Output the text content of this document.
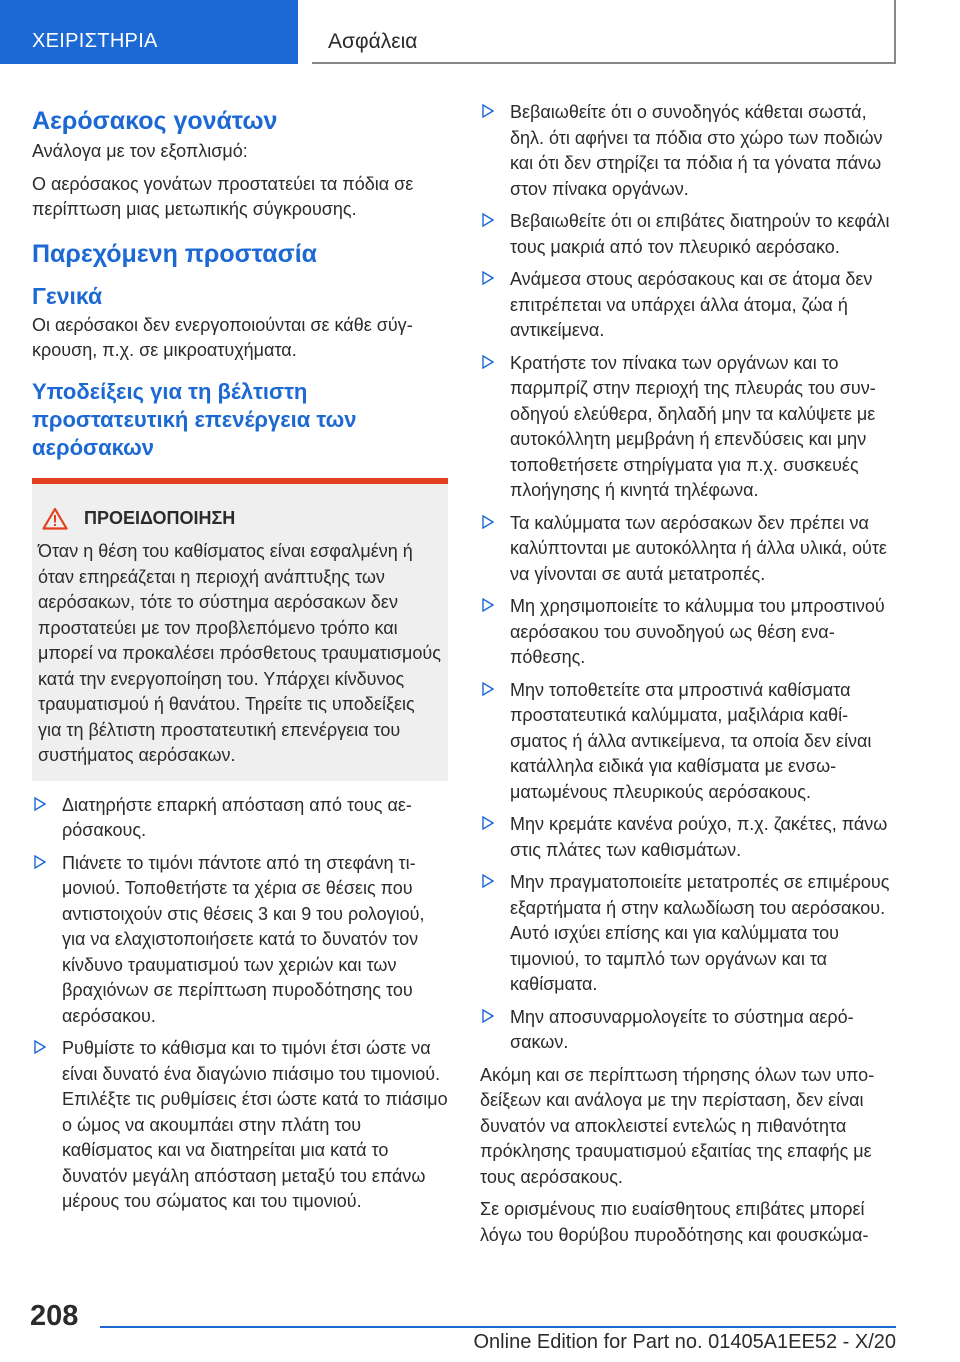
ΧΕΙΡΙΣΤΗΡΙΑ	Ασφάλεια
Αερόσακος γονάτων

Ανάλογα με τον εξοπλισμό:

Ο αερόσακος γονάτων προστατεύει τα πόδια σε περίπτωση μιας μετωπικής σύγκρουσης.

Παρεχόμενη προστασία
Γενικά

Οι αερόσακοι δεν ενεργοποιούνται σε κάθε σύγκρουση, π.χ. σε μικροατυχήματα.

Υποδείξεις για τη βέλτιστη προστατευτική επενέργεια των αερόσακων
ΠΡΟΕΙΔΟΠΟΙΗΣΗ
Όταν η θέση του καθίσματος είναι εσφαλμένη ή όταν επηρεάζεται η περιοχή ανάπτυξης των αερόσακων, τότε το σύστημα αερόσακων δεν προστατεύει με τον προβλεπόμενο τρόπο και μπορεί να προκαλέσει πρόσθετους τραυματισμούς κατά την ενεργοποίηση του. Υπάρχει κίνδυνος τραυματισμού ή θανάτου. Τηρείτε τις υποδείξεις για τη βέλτιστη προστατευτική επενέργεια του συστήματος αερόσακων.
Διατηρήστε επαρκή απόσταση από τους αερόσακους.
Πιάνετε το τιμόνι πάντοτε από τη στεφάνη τιμονιού. Τοποθετήστε τα χέρια σε θέσεις που αντιστοιχούν στις θέσεις 3 και 9 του ρολογιού, για να ελαχιστοποιήσετε κατά το δυνατόν τον κίνδυνο τραυματισμού των χεριών και των βραχιόνων σε περίπτωση πυροδότησης του αερόσακου.
Ρυθμίστε το κάθισμα και το τιμόνι έτσι ώστε να είναι δυνατό ένα διαγώνιο πιάσιμο του τιμονιού. Επιλέξτε τις ρυθμίσεις έτσι ώστε κατά το πιάσιμο ο ώμος να ακουμπάει στην πλάτη του καθίσματος και να διατηρείται μια κατά το δυνατόν μεγάλη απόσταση μεταξύ του επάνω μέρους του σώματος και του τιμονιού.
Βεβαιωθείτε ότι ο συνοδηγός κάθεται σωστά, δηλ. ότι αφήνει τα πόδια στο χώρο των ποδιών και ότι δεν στηρίζει τα πόδια ή τα γόνατα πάνω στον πίνακα οργάνων.
Βεβαιωθείτε ότι οι επιβάτες διατηρούν το κεφάλι τους μακριά από τον πλευρικό αερόσακο.
Ανάμεσα στους αερόσακους και σε άτομα δεν επιτρέπεται να υπάρχει άλλα άτομα, ζώα ή αντικείμενα.
Κρατήστε τον πίνακα των οργάνων και το παρμπρίζ στην περιοχή της πλευράς του συνοδηγού ελεύθερα, δηλαδή μην τα καλύψετε με αυτοκόλλητη μεμβράνη ή επενδύσεις και μην τοποθετήσετε στηρίγματα για π.χ. συσκευές πλοήγησης ή κινητά τηλέφωνα.
Τα καλύμματα των αερόσακων δεν πρέπει να καλύπτονται με αυτοκόλλητα ή άλλα υλικά, ούτε να γίνονται σε αυτά μετατροπές.
Μη χρησιμοποιείτε το κάλυμμα του μπροστινού αερόσακου του συνοδηγού ως θέση εναπόθεσης.
Μην τοποθετείτε στα μπροστινά καθίσματα προστατευτικά καλύμματα, μαξιλάρια καθίσματος ή άλλα αντικείμενα, τα οποία δεν είναι κατάλληλα ειδικά για καθίσματα με ενσωματωμένους πλευρικούς αερόσακους.
Μην κρεμάτε κανένα ρούχο, π.χ. ζακέτες, πάνω στις πλάτες των καθισμάτων.
Μην πραγματοποιείτε μετατροπές σε επιμέρους εξαρτήματα ή στην καλωδίωση του αερόσακου. Αυτό ισχύει επίσης και για καλύμματα του τιμονιού, το ταμπλό των οργάνων και τα καθίσματα.
Μην αποσυναρμολογείτε το σύστημα αερόσακων.

Ακόμη και σε περίπτωση τήρησης όλων των υποδείξεων και ανάλογα με την περίσταση, δεν είναι δυνατόν να αποκλειστεί εντελώς η πιθανότητα πρόκλησης τραυματισμού εξαιτίας της επαφής με τους αερόσακους.

Σε ορισμένους πιο ευαίσθητους επιβάτες μπορεί λόγω του θορύβου πυροδότησης και φουσκώμα-

208
Online Edition for Part no. 01405A1EE52 - X/20
